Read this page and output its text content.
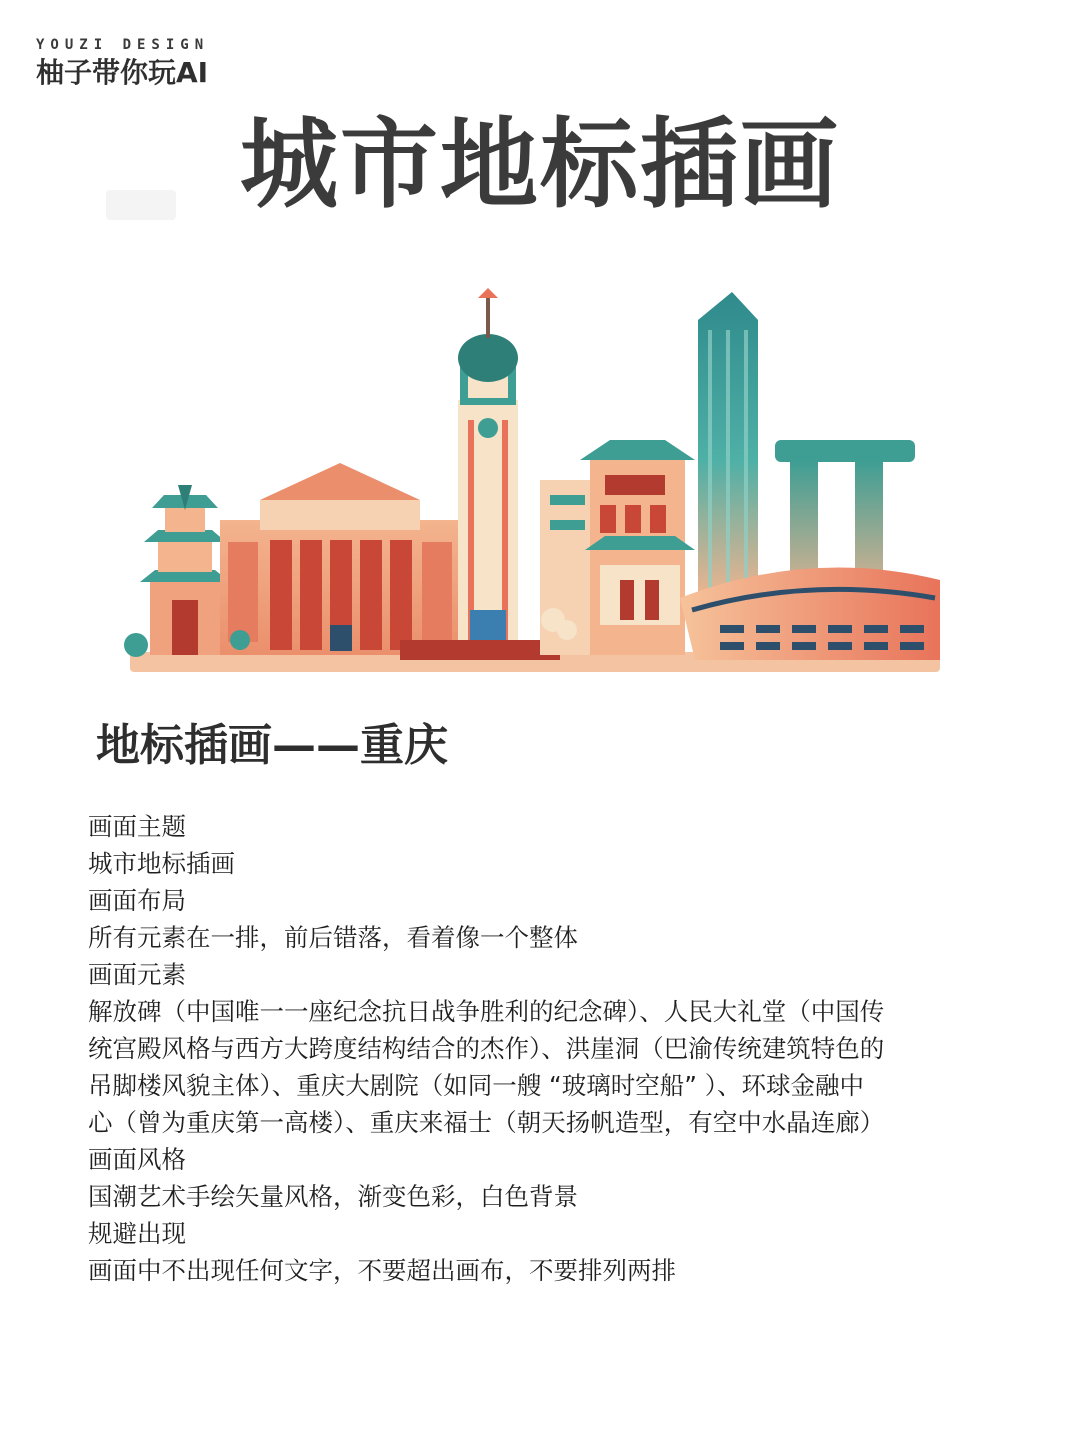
YOUZI DESIGN
柚子带你玩AI
城市地标插画
地标插画——重庆
画面主题
城市地标插画
画面布局
所有元素在一排，前后错落，看着像一个整体
画面元素
解放碑（中国唯一一座纪念抗日战争胜利的纪念碑）、人民大礼堂（中国传
统宫殿风格与西方大跨度结构结合的杰作）、洪崖洞（巴渝传统建筑特色的
吊脚楼风貌主体）、重庆大剧院（如同一艘 “玻璃时空船” ）、环球金融中
心（曾为重庆第一高楼）、重庆来福士（朝天扬帆造型，有空中水晶连廊）
画面风格
国潮艺术手绘矢量风格，渐变色彩，白色背景
规避出现
画面中不出现任何文字，不要超出画布，不要排列两排
